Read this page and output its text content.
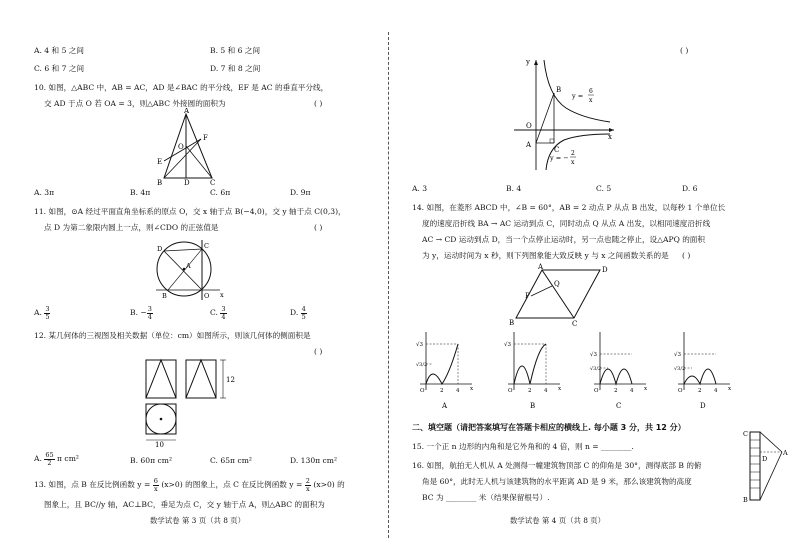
A. 4 和 5 之间	B. 5 和 6 之间
C. 6 和 7 之间	D. 7 和 8 之间
10. 如图，△ABC 中，AB = AC，AD 是∠BAC 的平分线，EF 是 AC 的垂直平分线，
交 AD 于点 O 若 OA = 3，则△ABC 外接圆的面积为	( )
A
F
O
E
B	D	C
A. 3π	B. 4π	C. 6π	D. 9π
11. 如图，⊙A 经过平面直角坐标系的原点 O，交 x 轴于点 B(−4,0)，交 y 轴于点 C(0,3)，
点 D 为第二象限内圆上一点，则∠CDO 的正弦值是	( )
D	C
A
B	O x
A. $\frac{3}{5}$	B. − $\frac{3}{4}$	C. $\frac{3}{4}$	D. $\frac{4}{5}$
12. 某几何体的三视图及相关数据（单位：cm）如图所示，则该几何体的侧面积是
( )
12
10
A. $\frac{65}{2}$ π cm²	B. 60π cm²	C. 65π cm²	D. 130π cm²
13. 如图，点 B 在反比例函数 $y = \frac{6}{x} (x>0)$ 的图象上，点 C 在反比例函数 $y = \frac{2}{x} (x>0)$ 的
图象上，且 BC//y 轴，AC⊥BC，垂足为点 C，交 y 轴于点 A，则△ABC 的面积为
数学试卷 第 3 页（共 8 页）
( )
y
x
O
A
B
C
y =
6
x
y = −
2
x
A. 3	B. 4	C. 5	D. 6
14. 如图，在菱形 ABCD 中，∠B = 60°，AB = 2 动点 P 从点 B 出发，以每秒 1 个单位长
度的速度沿折线 BA → AC 运动到点 C，同时动点 Q 从点 A 出发，以相同速度沿折线
AC → CD 运动到点 D，当一个点停止运动时，另一点也随之停止，设△APQ 的面积
为 y，运动时间为 x 秒，则下列图象能大致反映 y 与 x 之间函数关系的是 ( )
A	D
B	C
P
Q
√3
√3/2
O	2 4 x
A
√3
O	2 4 x
B
√3
√3/2
O	2 4 x
C
√3
√3/2
O	2 4 x
D
二、填空题（请把答案填写在答题卡相应的横线上. 每小题 3 分，共 12 分）
15. 一个正 n 边形的内角和是它外角和的 4 倍，则 n = ________.
16. 如图，航拍无人机从 A 处测得一幢建筑物顶部 C 的仰角是 30°，测得底部 B 的俯
角是 60°，此时无人机与该建筑物的水平距离 AD 是 9 米，那么该建筑物的高度
BC 为 ________ 米（结果保留根号）.
C
A
D
B
数学试卷 第 4 页（共 8 页）
